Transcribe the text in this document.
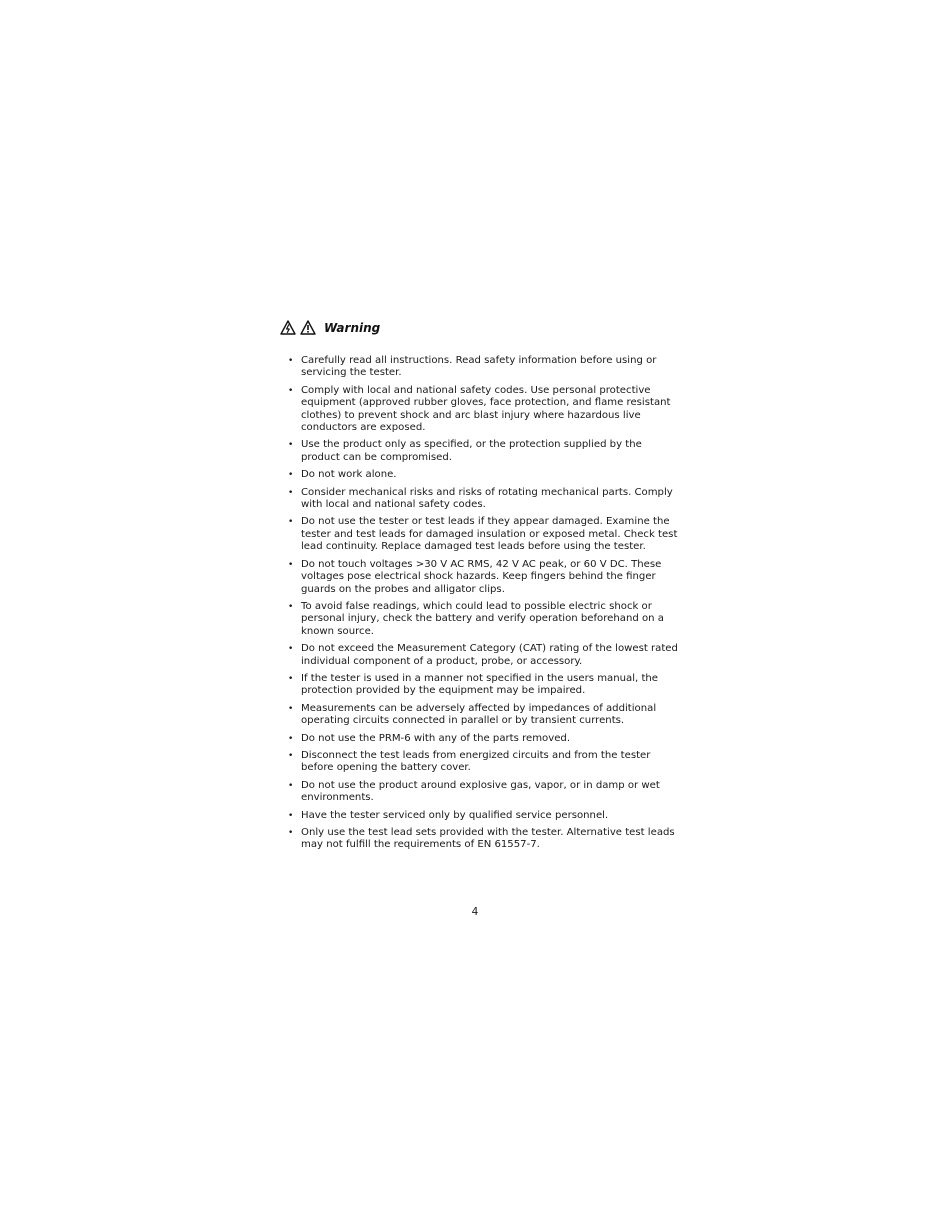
Warning
• Carefully read all instructions. Read safety information before using or servicing the tester.
• Comply with local and national safety codes. Use personal protective equipment (approved rubber gloves, face protection, and flame resistant clothes) to prevent shock and arc blast injury where hazardous live conductors are exposed.
• Use the product only as specified, or the protection supplied by the product can be compromised.
• Do not work alone.
• Consider mechanical risks and risks of rotating mechanical parts. Comply with local and national safety codes.
• Do not use the tester or test leads if they appear damaged. Examine the tester and test leads for damaged insulation or exposed metal. Check test lead continuity. Replace damaged test leads before using the tester.
• Do not touch voltages >30 V AC RMS, 42 V AC peak, or 60 V DC. These voltages pose electrical shock hazards. Keep fingers behind the finger guards on the probes and alligator clips.
• To avoid false readings, which could lead to possible electric shock or personal injury, check the battery and verify operation beforehand on a known source.
• Do not exceed the Measurement Category (CAT) rating of the lowest rated individual component of a product, probe, or accessory.
• If the tester is used in a manner not specified in the users manual, the protection provided by the equipment may be impaired.
• Measurements can be adversely affected by impedances of additional operating circuits connected in parallel or by transient currents.
• Do not use the PRM-6 with any of the parts removed.
• Disconnect the test leads from energized circuits and from the tester before opening the battery cover.
• Do not use the product around explosive gas, vapor, or in damp or wet environments.
• Have the tester serviced only by qualified service personnel.
• Only use the test lead sets provided with the tester. Alternative test leads may not fulfill the requirements of EN 61557-7.
4
